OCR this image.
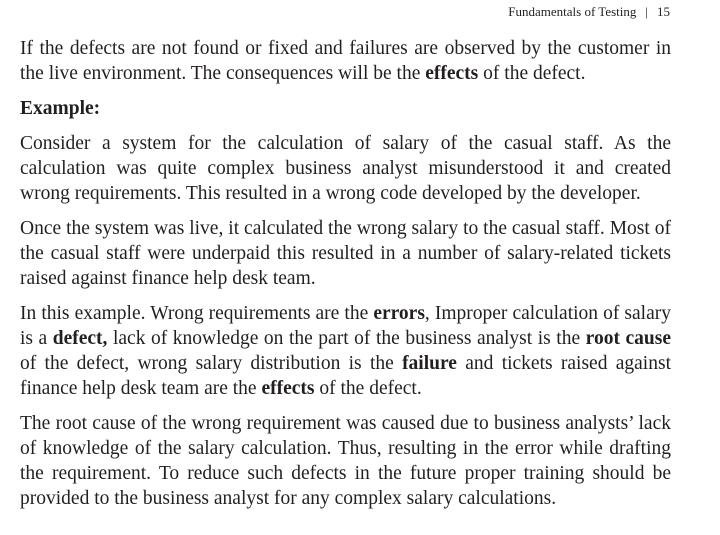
Fundamentals of Testing | 15

If the defects are not found or fixed and failures are observed by the customer in the live environment. The consequences will be the effects of the defect.

Example:

Consider a system for the calculation of salary of the casual staff. As the calculation was quite complex business analyst misunderstood it and created wrong requirements. This resulted in a wrong code developed by the developer.

Once the system was live, it calculated the wrong salary to the casual staff. Most of the casual staff were underpaid this resulted in a number of salary-related tickets raised against finance help desk team.

In this example. Wrong requirements are the errors, Improper calculation of salary is a defect, lack of knowledge on the part of the business analyst is the root cause of the defect, wrong salary distribution is the failure and tickets raised against finance help desk team are the effects of the defect.

The root cause of the wrong requirement was caused due to business analysts’ lack of knowledge of the salary calculation. Thus, resulting in the error while drafting the requirement. To reduce such defects in the future proper training should be provided to the business analyst for any complex salary calculations.
